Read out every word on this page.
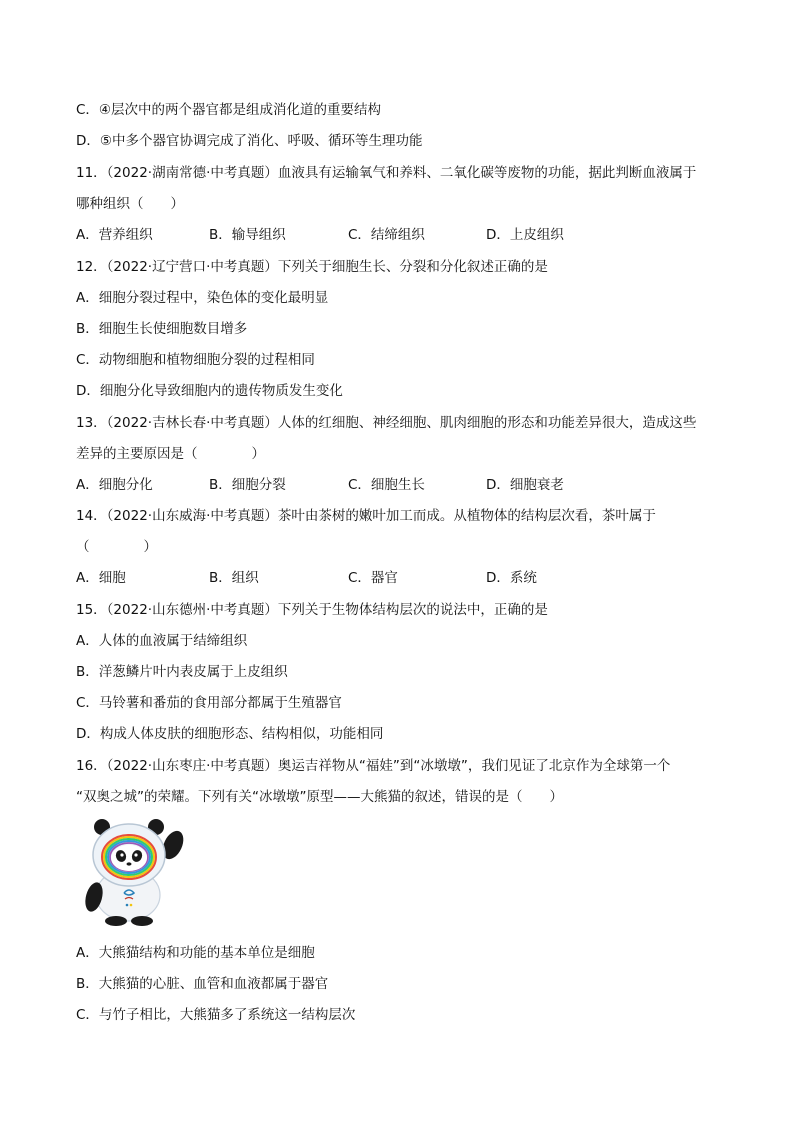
C．④层次中的两个器官都是组成消化道的重要结构
D．⑤中多个器官协调完成了消化、呼吸、循环等生理功能
11．（2022·湖南常德·中考真题）血液具有运输氧气和养料、二氧化碳等废物的功能，据此判断血液属于
哪种组织（　　）
A．营养组织	B．输导组织	C．结缔组织	D．上皮组织
12．（2022·辽宁营口·中考真题）下列关于细胞生长、分裂和分化叙述正确的是
A．细胞分裂过程中，染色体的变化最明显
B．细胞生长使细胞数目增多
C．动物细胞和植物细胞分裂的过程相同
D．细胞分化导致细胞内的遗传物质发生变化
13．（2022·吉林长春·中考真题）人体的红细胞、神经细胞、肌肉细胞的形态和功能差异很大，造成这些
差异的主要原因是（　　　　）
A．细胞分化	B．细胞分裂	C．细胞生长	D．细胞衰老
14．（2022·山东威海·中考真题）茶叶由茶树的嫩叶加工而成。从植物体的结构层次看，茶叶属于
（　　　　）
A．细胞	B．组织	C．器官	D．系统
15．（2022·山东德州·中考真题）下列关于生物体结构层次的说法中，正确的是
A．人体的血液属于结缔组织
B．洋葱鳞片叶内表皮属于上皮组织
C．马铃薯和番茄的食用部分都属于生殖器官
D．构成人体皮肤的细胞形态、结构相似，功能相同
16．（2022·山东枣庄·中考真题）奥运吉祥物从“福娃”到“冰墩墩”，我们见证了北京作为全球第一个
“双奥之城”的荣耀。下列有关“冰墩墩”原型——大熊猫的叙述，错误的是（　　）
A．大熊猫结构和功能的基本单位是细胞
B．大熊猫的心脏、血管和血液都属于器官
C．与竹子相比，大熊猫多了系统这一结构层次
